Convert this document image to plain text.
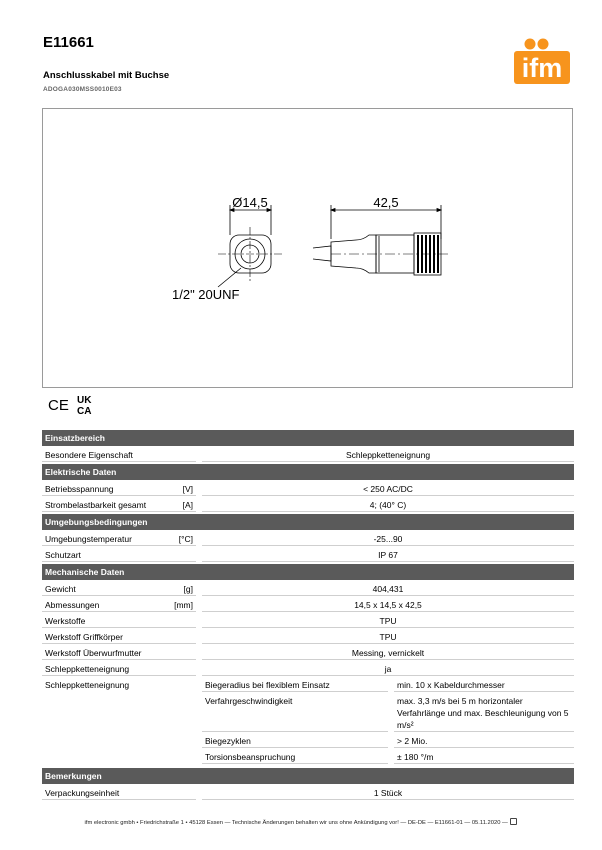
E11661
Anschlusskabel mit Buchse
ADOGA030MSS0010E03
ifm
Ø14,5	42,5
1/2" 20UNF
CE UK
CA
Einsatzbereich
Besondere Eigenschaft	Schleppketteneignung
Elektrische Daten
Betriebsspannung	[V]	< 250 AC/DC
Strombelastbarkeit gesamt	[A]	4; (40° C)
Umgebungsbedingungen
Umgebungstemperatur	[°C]	-25...90
Schutzart	IP 67
Mechanische Daten
Gewicht	[g]	404,431
Abmessungen	[mm]	14,5 x 14,5 x 42,5
Werkstoffe	TPU
Werkstoff Griffkörper	TPU
Werkstoff Überwurfmutter	Messing, vernickelt
Schleppketteneignung	ja
Schleppketteneignung	Biegeradius bei flexiblem Einsatz	min. 10 x Kabeldurchmesser
Verfahrgeschwindigkeit	max. 3,3 m/s bei 5 m horizontaler Verfahrlänge und max. Beschleunigung von 5 m/s²
Biegezyklen	> 2 Mio.
Torsionsbeanspruchung	± 180 °/m
Bemerkungen
Verpackungseinheit	1 Stück
ifm electronic gmbh • Friedrichstraße 1 • 45128 Essen — Technische Änderungen behalten wir uns ohne Ankündigung vor! — DE-DE — E11661-01 — 05.11.2020 —
